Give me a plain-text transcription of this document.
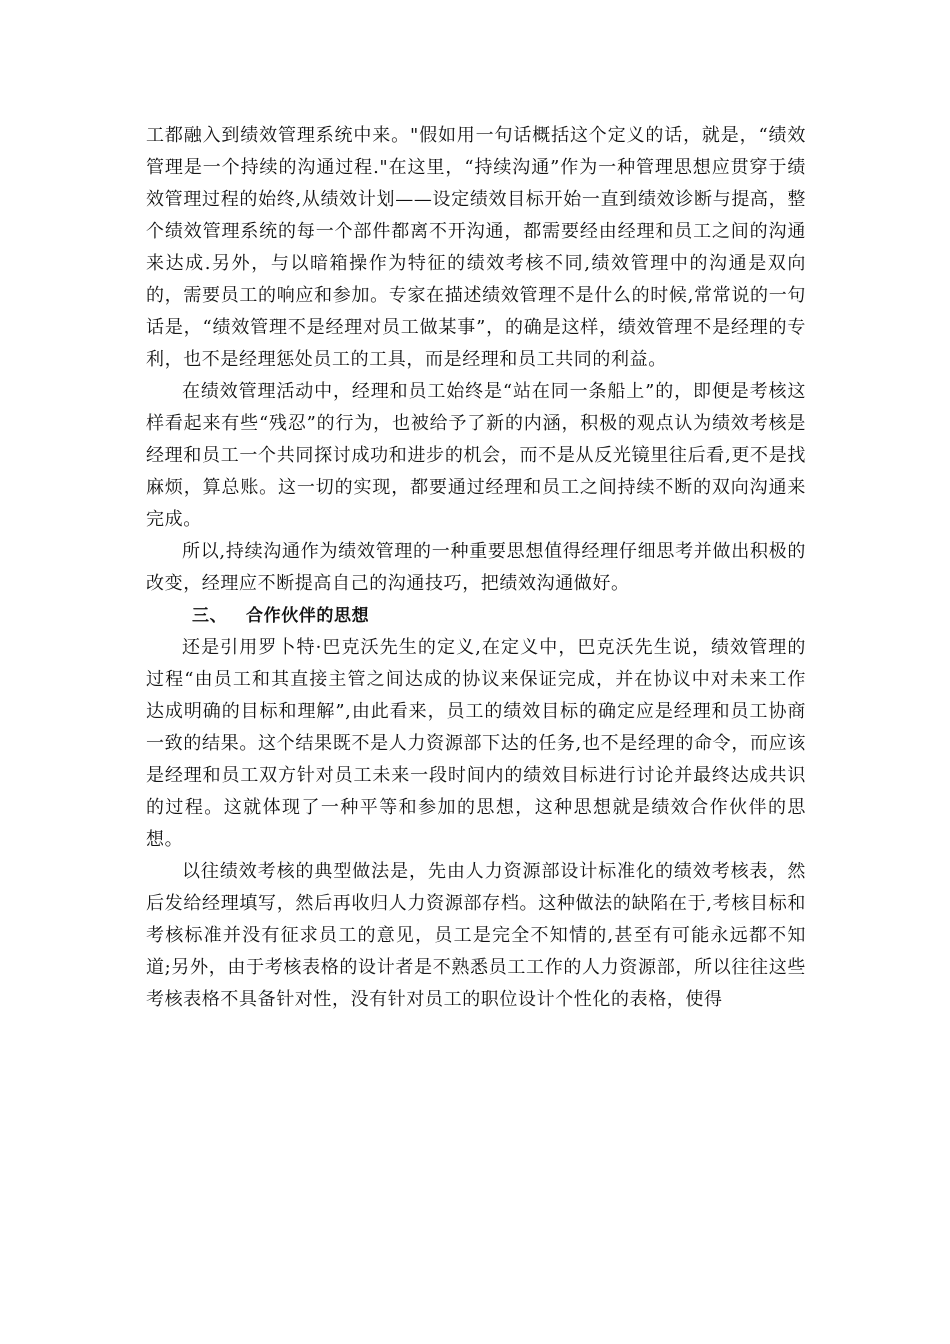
工都融入到绩效管理系统中来。"假如用一句话概括这个定义的话，就是，“绩效管理是一个持续的沟通过程."在这里，“持续沟通”作为一种管理思想应贯穿于绩效管理过程的始终,从绩效计划——设定绩效目标开始一直到绩效诊断与提高，整个绩效管理系统的每一个部件都离不开沟通，都需要经由经理和员工之间的沟通来达成.另外，与以暗箱操作为特征的绩效考核不同,绩效管理中的沟通是双向的，需要员工的响应和参加。专家在描述绩效管理不是什么的时候,常常说的一句话是，“绩效管理不是经理对员工做某事”，的确是这样，绩效管理不是经理的专利，也不是经理惩处员工的工具，而是经理和员工共同的利益。

在绩效管理活动中，经理和员工始终是“站在同一条船上”的，即便是考核这样看起来有些“残忍”的行为，也被给予了新的内涵，积极的观点认为绩效考核是经理和员工一个共同探讨成功和进步的机会，而不是从反光镜里往后看,更不是找麻烦，算总账。这一切的实现，都要通过经理和员工之间持续不断的双向沟通来完成。

所以,持续沟通作为绩效管理的一种重要思想值得经理仔细思考并做出积极的改变，经理应不断提高自己的沟通技巧，把绩效沟通做好。

三、 合作伙伴的思想

还是引用罗卜特·巴克沃先生的定义,在定义中，巴克沃先生说，绩效管理的过程“由员工和其直接主管之间达成的协议来保证完成，并在协议中对未来工作达成明确的目标和理解”,由此看来，员工的绩效目标的确定应是经理和员工协商一致的结果。这个结果既不是人力资源部下达的任务,也不是经理的命令，而应该是经理和员工双方针对员工未来一段时间内的绩效目标进行讨论并最终达成共识的过程。这就体现了一种平等和参加的思想，这种思想就是绩效合作伙伴的思想。

以往绩效考核的典型做法是，先由人力资源部设计标准化的绩效考核表，然后发给经理填写，然后再收归人力资源部存档。这种做法的缺陷在于,考核目标和考核标准并没有征求员工的意见，员工是完全不知情的,甚至有可能永远都不知道;另外，由于考核表格的设计者是不熟悉员工工作的人力资源部，所以往往这些考核表格不具备针对性，没有针对员工的职位设计个性化的表格，使得
